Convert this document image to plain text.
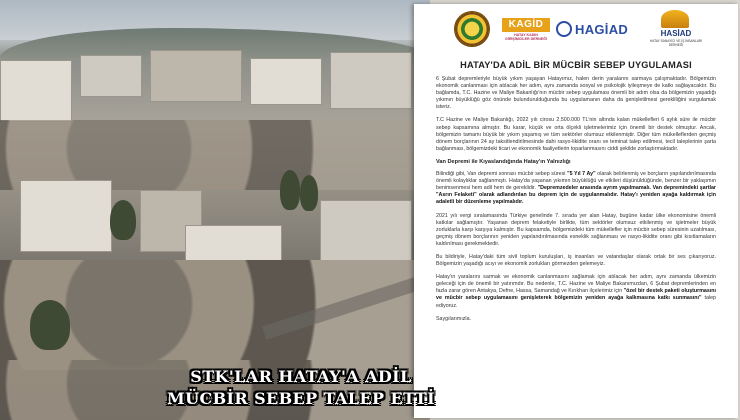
KAGİD
HATAY KADIN GİRİŞİMCİLER DERNEĞİ
HAGİAD	HASİAD
HATAY SANAYİCİ VE İŞ İNSANLARI DERNEĞİ
HATAY'DA ADİL BİR MÜCBİR SEBEP UYGULAMASI

6 Şubat depremleriyle büyük yıkım yaşayan Hatayımız, halen derin yaralarını sarmaya çalışmaktadır. Bölgemizin ekonomik canlanması için atılacak her adım, aynı zamanda sosyal ve psikolojik iyileşmeye de katkı sağlayacaktır. Bu bağlamda, T.C. Hazine ve Maliye Bakanlığı'nın mücbir sebep uygulaması önemli bir adım olsa da bölgemizin yaşadığı yıkımın büyüklüğü göz önünde bulundurulduğunda bu uygulamanın daha da genişletilmesi gerekliliğini vurgulamak isteriz.

T.C Hazine ve Maliye Bakanlığı, 2022 yılı cirosu 2.500.000 TL'nin altında kalan mükellefleri 6 aylık süre ile mücbir sebep kapsamına almıştır. Bu karar, küçük ve orta ölçekli işletmelerimiz için önemli bir destek olmuştur. Ancak, bölgemizin tamamı büyük bir yıkım yaşamış ve tüm sektörler olumsuz etkilenmiştir. Diğer tüm mükelleflerden geçmiş dönem borçlarının 24 ay taksitlendirilmesinde dahi rasyo-likidite oranı ve teminat talep edilmesi, tecil taleplerinin şarta bağlanması, bölgemizdeki ticari ve ekonomik faaliyetlerin toparlanmasını ciddi şekilde zorlaştırmaktadır.

Van Depremi ile Kıyaslandığında Hatay'ın Yalnızlığı

Bilindiği gibi, Van depremi sonrası mücbir sebep süresi "5 Yıl 7 Ay" olarak belirlenmiş ve borçların yapılandırılmasında önemli kolaylıklar sağlanmıştı. Hatay'da yaşanan yıkımın büyüklüğü ve etkileri düşünüldüğünde, benzer bir yaklaşımın benimsenmesi hem adil hem de gereklidir. "Depremzedeler arasında ayrım yapılmamalı. Van depremindeki şartlar "Asrın Felaketi" olarak adlandırılan bu deprem için de uygulanmalıdır. Hatay'ı yeniden ayağa kaldırmak için adaletli bir düzenleme yapılmalıdır.

2021 yılı vergi sıralamasında Türkiye genelinde 7. sırada yer alan Hatay, bugüne kadar ülke ekonomisine önemli katkılar sağlamıştır. Yaşanan deprem felaketiyle birlikte, tüm sektörler olumsuz etkilenmiş ve işletmeler büyük zorluklarla karşı karşıya kalmıştır. Bu kapsamda, bölgemizdeki tüm mükellefler için mücbir sebep süresinin uzatılması, geçmiş dönem borçlarının yeniden yapılandırılmasında esneklik sağlanması ve rasyo-likidite oranı gibi kısıtlamaların kaldırılması gerekmektedir.

Bu bildiriyle, Hatay'daki tüm sivil toplum kuruluşları, iş insanları ve vatandaşlar olarak ortak bir ses çıkarıyoruz. Bölgemizin yaşadığı acıyı ve ekonomik zorlukları görmezden gelemeyiz.

Hatay'ın yaralarını sarmak ve ekonomik canlanmasını sağlamak için atılacak her adım, aynı zamanda ülkemizin geleceği için de önemli bir yatırımdır. Bu nedenle, T.C. Hazine ve Maliye Bakanımızdan, 6 Şubat depremlerinden en fazla zarar gören Antakya, Defne, Hassa, Samandağ ve Kırıkhan ilçelerimiz için "özel bir destek paketi oluşturmasını ve mücbir sebep uygulamasını genişleterek bölgemizin yeniden ayağa kalkmasına katkı sunmasını" talep ediyoruz.

Saygılarımızla.

STK'LAR HATAY'A ADİL
MÜCBİR SEBEP TALEP ETTİ
